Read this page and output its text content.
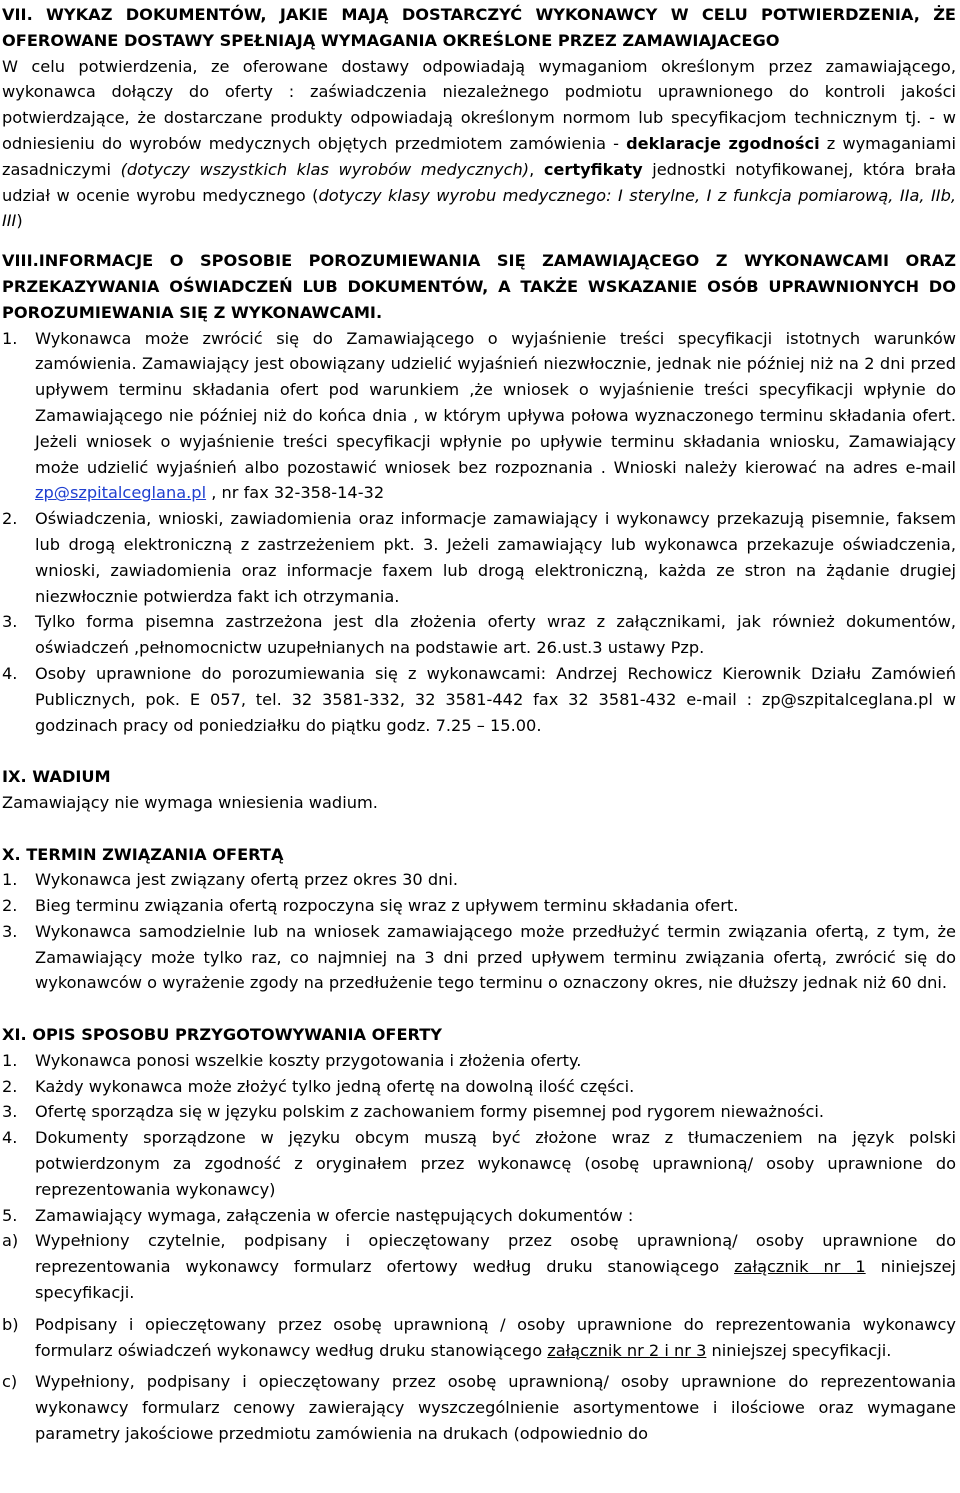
VII. WYKAZ DOKUMENTÓW, JAKIE MAJĄ DOSTARCZYĆ WYKONAWCY W CELU POTWIERDZENIA, ŻE OFEROWANE DOSTAWY SPEŁNIAJĄ WYMAGANIA OKREŚLONE PRZEZ ZAMAWIAJACEGO

W celu potwierdzenia, ze oferowane dostawy odpowiadają wymaganiom określonym przez zamawiającego, wykonawca dołączy do oferty : zaświadczenia niezależnego podmiotu uprawnionego do kontroli jakości potwierdzające, że dostarczane produkty odpowiadają określonym normom lub specyfikacjom technicznym tj. - w odniesieniu do wyrobów medycznych objętych przedmiotem zamówienia - deklaracje zgodności z wymaganiami zasadniczymi (dotyczy wszystkich klas wyrobów medycznych), certyfikaty jednostki notyfikowanej, która brała udział w ocenie wyrobu medycznego (dotyczy klasy wyrobu medycznego: I sterylne, I z funkcja pomiarową, IIa, IIb, III)

VIII.INFORMACJE O SPOSOBIE POROZUMIEWANIA SIĘ ZAMAWIAJĄCEGO Z WYKONAWCAMI ORAZ PRZEKAZYWANIA OŚWIADCZEŃ LUB DOKUMENTÓW, A TAKŻE WSKAZANIE OSÓB UPRAWNIONYCH DO POROZUMIEWANIA SIĘ Z WYKONAWCAMI.

1.	Wykonawca może zwrócić się do Zamawiającego o wyjaśnienie treści specyfikacji istotnych warunków zamówienia. Zamawiający jest obowiązany udzielić wyjaśnień niezwłocznie, jednak nie później niż na 2 dni przed upływem terminu składania ofert pod warunkiem ,że wniosek o wyjaśnienie treści specyfikacji wpłynie do Zamawiającego nie później niż do końca dnia , w którym upływa połowa wyznaczonego terminu składania ofert. Jeżeli wniosek o wyjaśnienie treści specyfikacji wpłynie po upływie terminu składania wniosku, Zamawiający może udzielić wyjaśnień albo pozostawić wniosek bez rozpoznania . Wnioski należy kierować na adres e-mail zp@szpitalceglana.pl , nr fax 32-358-14-32
2.	Oświadczenia, wnioski, zawiadomienia oraz informacje zamawiający i wykonawcy przekazują pisemnie, faksem lub drogą elektroniczną z zastrzeżeniem pkt. 3. Jeżeli zamawiający lub wykonawca przekazuje oświadczenia, wnioski, zawiadomienia oraz informacje faxem lub drogą elektroniczną, każda ze stron na żądanie drugiej niezwłocznie potwierdza fakt ich otrzymania.
3.	Tylko forma pisemna zastrzeżona jest dla złożenia oferty wraz z załącznikami, jak również dokumentów, oświadczeń ,pełnomocnictw uzupełnianych na podstawie art. 26.ust.3 ustawy Pzp.
4.	Osoby uprawnione do porozumiewania się z wykonawcami: Andrzej Rechowicz Kierownik Działu Zamówień Publicznych, pok. E 057, tel. 32 3581-332, 32 3581-442 fax 32 3581-432 e-mail : zp@szpitalceglana.pl w godzinach pracy od poniedziałku do piątku godz. 7.25 – 15.00.

IX. WADIUM

Zamawiający nie wymaga wniesienia wadium.

X. TERMIN ZWIĄZANIA OFERTĄ

1.	Wykonawca jest związany ofertą przez okres 30 dni.
2.	Bieg terminu związania ofertą rozpoczyna się wraz z upływem terminu składania ofert.
3.	Wykonawca samodzielnie lub na wniosek zamawiającego może przedłużyć termin związania ofertą, z tym, że Zamawiający może tylko raz, co najmniej na 3 dni przed upływem terminu związania ofertą, zwrócić się do wykonawców o wyrażenie zgody na przedłużenie tego terminu o oznaczony okres, nie dłuższy jednak niż 60 dni.

XI. OPIS SPOSOBU PRZYGOTOWYWANIA OFERTY

1.	Wykonawca ponosi wszelkie koszty przygotowania i złożenia oferty.
2.	Każdy wykonawca może złożyć tylko jedną ofertę na dowolną ilość części.
3.	Ofertę sporządza się w języku polskim z zachowaniem formy pisemnej pod rygorem nieważności.
4.	Dokumenty sporządzone w języku obcym muszą być złożone wraz z tłumaczeniem na język polski potwierdzonym za zgodność z oryginałem przez wykonawcę (osobę uprawnioną/ osoby uprawnione do reprezentowania wykonawcy)
5.	Zamawiający wymaga, załączenia w ofercie następujących dokumentów :
a)	Wypełniony czytelnie, podpisany i opieczętowany przez osobę uprawnioną/ osoby uprawnione do reprezentowania wykonawcy formularz ofertowy według druku stanowiącego załącznik nr 1 niniejszej specyfikacji.
b)	Podpisany i opieczętowany przez osobę uprawnioną / osoby uprawnione do reprezentowania wykonawcy formularz oświadczeń wykonawcy według druku stanowiącego załącznik nr 2 i nr 3 niniejszej specyfikacji.
c)	Wypełniony, podpisany i opieczętowany przez osobę uprawnioną/ osoby uprawnione do reprezentowania wykonawcy formularz cenowy zawierający wyszczególnienie asortymentowe i ilościowe oraz wymagane parametry jakościowe przedmiotu zamówienia na drukach (odpowiednio do
